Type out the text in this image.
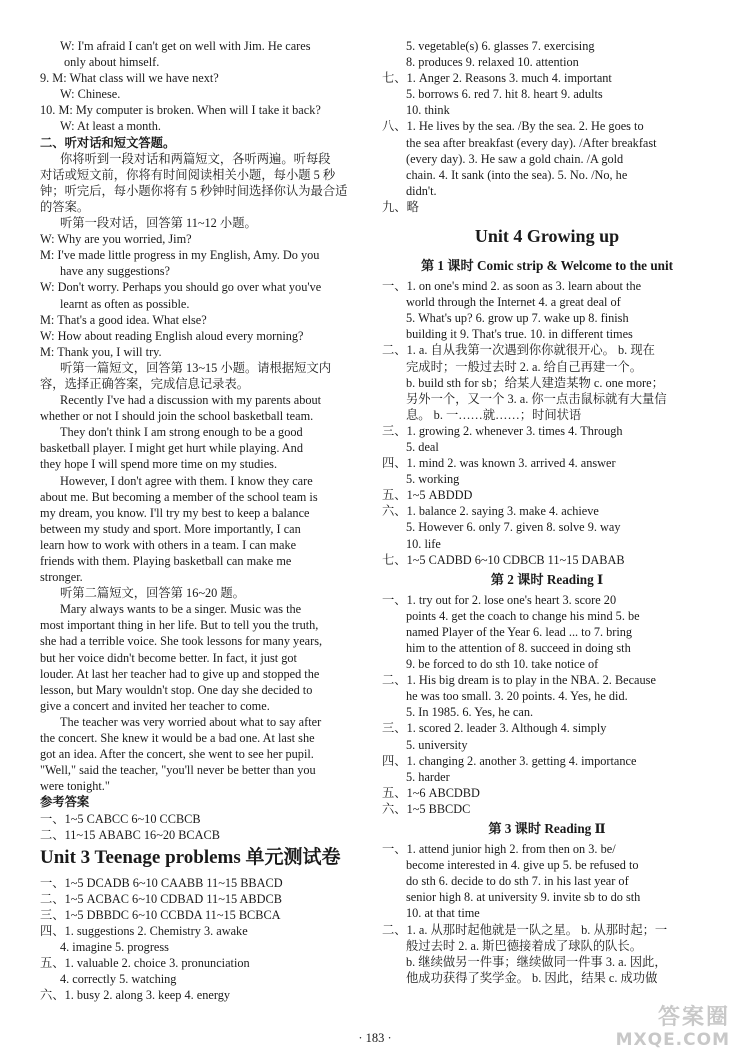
W: I'm afraid I can't get on well with Jim. He cares
only about himself.
9. M: What class will we have next?
W: Chinese.
10. M: My computer is broken. When will I take it back?
W: At least a month.
二、听对话和短文答题。
你将听到一段对话和两篇短文，各听两遍。听每段
对话或短文前，你将有时间阅读相关小题，每小题 5 秒
钟；听完后，每小题你将有 5 秒钟时间选择你认为最合适
的答案。
听第一段对话，回答第 11~12 小题。
W: Why are you worried, Jim?
M: I've made little progress in my English, Amy. Do you
have any suggestions?
W: Don't worry. Perhaps you should go over what you've
learnt as often as possible.
M: That's a good idea. What else?
W: How about reading English aloud every morning?
M: Thank you, I will try.
听第一篇短文，回答第 13~15 小题。请根据短文内
容，选择正确答案，完成信息记录表。
Recently I've had a discussion with my parents about
whether or not I should join the school basketball team.
They don't think I am strong enough to be a good
basketball player. I might get hurt while playing. And
they hope I will spend more time on my studies.
However, I don't agree with them. I know they care
about me. But becoming a member of the school team is
my dream, you know. I'll try my best to keep a balance
between my study and sport. More importantly, I can
learn how to work with others in a team. I can make
friends with them. Playing basketball can make me
stronger.
听第二篇短文，回答第 16~20 题。
Mary always wants to be a singer. Music was the
most important thing in her life. But to tell you the truth,
she had a terrible voice. She took lessons for many years,
but her voice didn't become better. In fact, it just got
louder. At last her teacher had to give up and stopped the
lesson, but Mary wouldn't stop. One day she decided to
give a concert and invited her teacher to come.
The teacher was very worried about what to say after
the concert. She knew it would be a bad one. At last she
got an idea. After the concert, she went to see her pupil.
"Well," said the teacher, "you'll never be better than you
were tonight."
参考答案
一、1~5 CABCC 6~10 CCBCB
二、11~15 ABABC 16~20 BCACB
Unit 3 Teenage problems 单元测试卷
一、1~5 DCADB 6~10 CAABB 11~15 BBACD
二、1~5 ACBAC 6~10 CDBAD 11~15 ABDCB
三、1~5 DBBDC 6~10 CCBDA 11~15 BCBCA
四、1. suggestions 2. Chemistry 3. awake
4. imagine 5. progress
五、1. valuable 2. choice 3. pronunciation
4. correctly 5. watching
六、1. busy 2. along 3. keep 4. energy
5. vegetable(s) 6. glasses 7. exercising
8. produces 9. relaxed 10. attention
七、1. Anger 2. Reasons 3. much 4. important
5. borrows 6. red 7. hit 8. heart 9. adults
10. think
八、1. He lives by the sea. /By the sea. 2. He goes to
the sea after breakfast (every day). /After breakfast
(every day). 3. He saw a gold chain. /A gold
chain. 4. It sank (into the sea). 5. No. /No, he
didn't.
九、略
Unit 4 Growing up
第 1 课时 Comic strip & Welcome to the unit
一、1. on one's mind 2. as soon as 3. learn about the
world through the Internet 4. a great deal of
5. What's up? 6. grow up 7. wake up 8. finish
building it 9. That's true. 10. in different times
二、1. a. 自从我第一次遇到你你就很开心。 b. 现在
完成时；一般过去时 2. a. 给自己再建一个。
b. build sth for sb；给某人建造某物 c. one more；
另外一个，又一个 3. a. 你一点击鼠标就有大量信
息。 b. 一……就……；时间状语
三、1. growing 2. whenever 3. times 4. Through
5. deal
四、1. mind 2. was known 3. arrived 4. answer
5. working
五、1~5 ABDDD
六、1. balance 2. saying 3. make 4. achieve
5. However 6. only 7. given 8. solve 9. way
10. life
七、1~5 CADBD 6~10 CDBCB 11~15 DABAB
第 2 课时 Reading Ⅰ
一、1. try out for 2. lose one's heart 3. score 20
points 4. get the coach to change his mind 5. be
named Player of the Year 6. lead ... to 7. bring
him to the attention of 8. succeed in doing sth
9. be forced to do sth 10. take notice of
二、1. His big dream is to play in the NBA. 2. Because
he was too small. 3. 20 points. 4. Yes, he did.
5. In 1985. 6. Yes, he can.
三、1. scored 2. leader 3. Although 4. simply
5. university
四、1. changing 2. another 3. getting 4. importance
5. harder
五、1~6 ABCDBD
六、1~5 BBCDC
第 3 课时 Reading Ⅱ
一、1. attend junior high 2. from then on 3. be/
become interested in 4. give up 5. be refused to
do sth 6. decide to do sth 7. in his last year of
senior high 8. at university 9. invite sb to do sth
10. at that time
二、1. a. 从那时起他就是一队之星。 b. 从那时起；一
般过去时 2. a. 斯巴德接着成了球队的队长。
b. 继续做另一件事；继续做同一件事 3. a. 因此，
他成功获得了奖学金。 b. 因此，结果 c. 成功做
· 183 ·
答案圈
MXQE.COM
